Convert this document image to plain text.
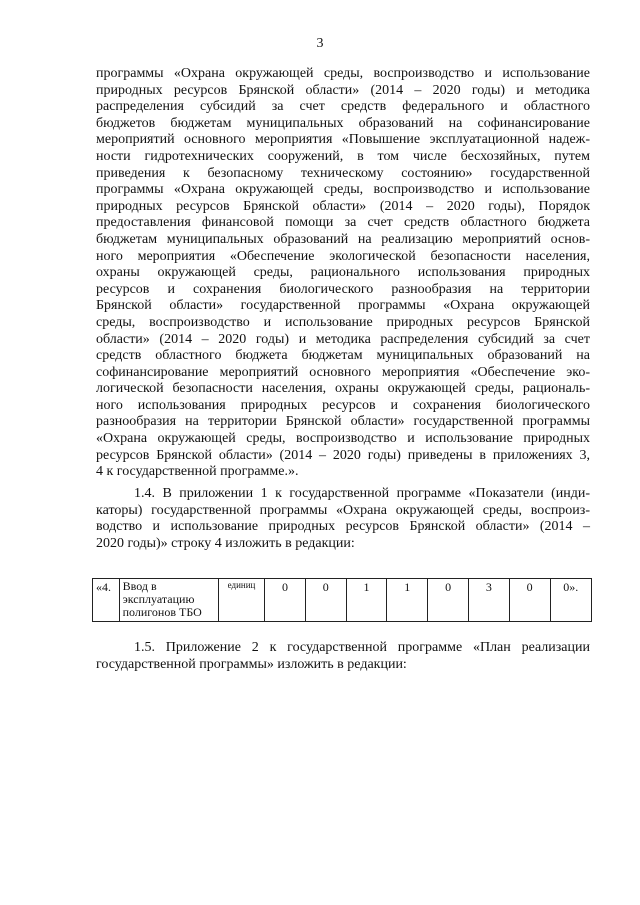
3
программы «Охрана окружающей среды, воспроизводство и использование
природных ресурсов Брянской области» (2014 – 2020 годы) и методика
распределения субсидий за счет средств федерального и областного
бюджетов бюджетам муниципальных образований на софинансирование
мероприятий основного мероприятия «Повышение эксплуатационной надеж-
ности гидротехнических сооружений, в том числе бесхозяйных, путем
приведения к безопасному техническому состоянию» государственной
программы «Охрана окружающей среды, воспроизводство и использование
природных ресурсов Брянской области» (2014 – 2020 годы), Порядок
предоставления финансовой помощи за счет средств областного бюджета
бюджетам муниципальных образований на реализацию мероприятий основ-
ного мероприятия «Обеспечение экологической безопасности населения,
охраны окружающей среды, рационального использования природных
ресурсов и сохранения биологического разнообразия на территории
Брянской области» государственной программы «Охрана окружающей
среды, воспроизводство и использование природных ресурсов Брянской
области» (2014 – 2020 годы) и методика распределения субсидий за счет
средств областного бюджета бюджетам муниципальных образований на
софинансирование мероприятий основного мероприятия «Обеспечение эко-
логической безопасности населения, охраны окружающей среды, рациональ-
ного использования природных ресурсов и сохранения биологического
разнообразия на территории Брянской области» государственной программы
«Охрана окружающей среды, воспроизводство и использование природных
ресурсов Брянской области» (2014 – 2020 годы) приведены в приложениях 3,
4 к государственной программе.».
1.4. В приложении 1 к государственной программе «Показатели (инди-
каторы) государственной программы «Охрана окружающей среды, воспроиз-
водство и использование природных ресурсов Брянской области» (2014 –
2020 годы)» строку 4 изложить в редакции:
«4.	Ввод в эксплуатацию полигонов ТБО	единиц	0	0	1	1	0	3	0	0».
1.5. Приложение 2 к государственной программе «План реализации
государственной программы» изложить в редакции:
